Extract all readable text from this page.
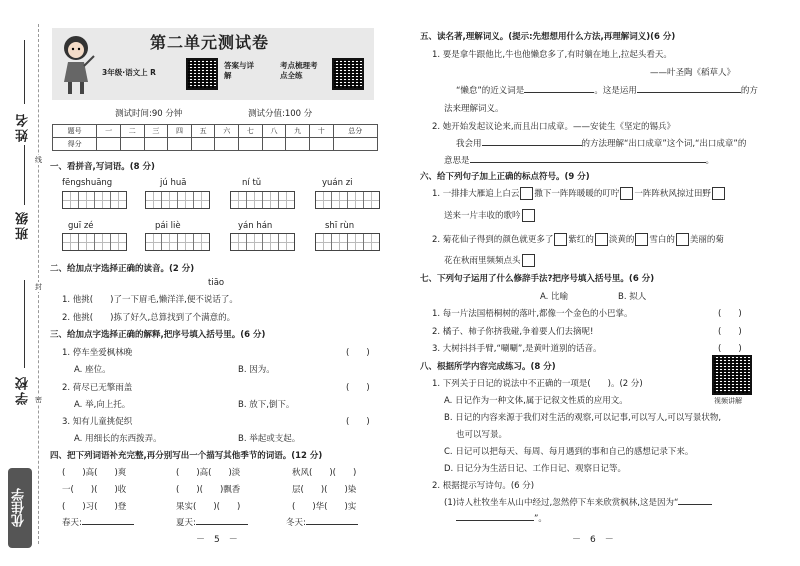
姓名
班级
学校
线
封
密
优佳学
第二单元测试卷
3年级·语文上 R
答案与详解
考点梳理考点全练
测试时间:90 分钟	测试分值:100 分
题号	一	二	三	四	五	六	七	八	九	十	总分
得分											
一、看拼音,写词语。(8 分)
fēngshuāng	jú huā	ní tǔ	yuán zi
guī zé	pái liè	yán hán	shī rùn
二、给加点字选择正确的读音。(2 分)
tiāo
1. 他挑(　　)了一下眉毛,懒洋洋,便不说话了。
2. 他挑(　　)拣了好久,总算找到了个满意的。
三、给加点字选择正确的解释,把序号填入括号里。(6 分)
1. 停车坐爱枫林晚	(　　)
A. 座位。	B. 因为。
2. 荷尽已无擎雨盖	(　　)
A. 举,向上托。	B. 放下,倒下。
3. 知有儿童挑促织	(　　)
A. 用细长的东西拨弄。	B. 举起或支起。
四、把下列词语补充完整,再分别写出一个描写其他季节的词语。(12 分)
(　　)高(　　)爽	(　　)高(　　)淡	秋风(　　)(　　)
一(　　)(　　)收	(　　)(　　)飘香	层(　　)(　　)染
(　　)习(　　)登	果实(　　)(　　)	(　　)华(　　)实
春天:	夏天:	冬天:
－　5　－
五、读名著,理解词义。(提示:先想想用什么方法,再理解词义)(6 分)
1. 要是拿牛跟他比,牛也他懒怠多了,有时躺在地上,拉起头看天。
——叶圣陶《稻草人》
“懒怠”的近义词是	。这是运用	的方
法来理解词义。
2. 她开始发起议论来,而且出口成章。——安徒生《坚定的锡兵》
我会用	的方法理解“出口成章”这个词,“出口成章”的
意思是	。
六、给下列句子加上正确的标点符号。(9 分)
1. 一排排大雁追上白云 撒下一阵阵暖暖的叮咛 一阵阵秋风掠过田野
送来一片丰收的歌吟
2. 菊花仙子得到的颜色就更多了 紫红的 淡黄的 雪白的 美丽的菊
花在秋雨里频频点头
七、下列句子运用了什么修辞手法?把序号填入括号里。(6 分)
A. 比喻	B. 拟人
1. 每一片法国梧桐树的落叶,都像一个金色的小巴掌。	(　　)
2. 橘子、柿子你挤我碰,争着要人们去摘呢!	(　　)
3. 大树抖抖手臂,“唰唰”,是黄叶道别的话音。	(　　)
八、根据所学内容完成练习。(8 分)
视频讲解
1. 下列关于日记的说法中不正确的一项是(　　)。(2 分)
A. 日记作为一种文体,属于记叙文性质的应用文。
B. 日记的内容来源于我们对生活的观察,可以记事,可以写人,可以写景状物,
也可以写景。
C. 日记可以把每天、每周、每月遇到的事和自己的感想记录下来。
D. 日记分为生活日记、工作日记、观察日记等。
2. 根据提示写诗句。(6 分)
(1)诗人杜牧坐车从山中经过,忽然停下车来欣赏枫林,这是因为“
”。
－　6　－
